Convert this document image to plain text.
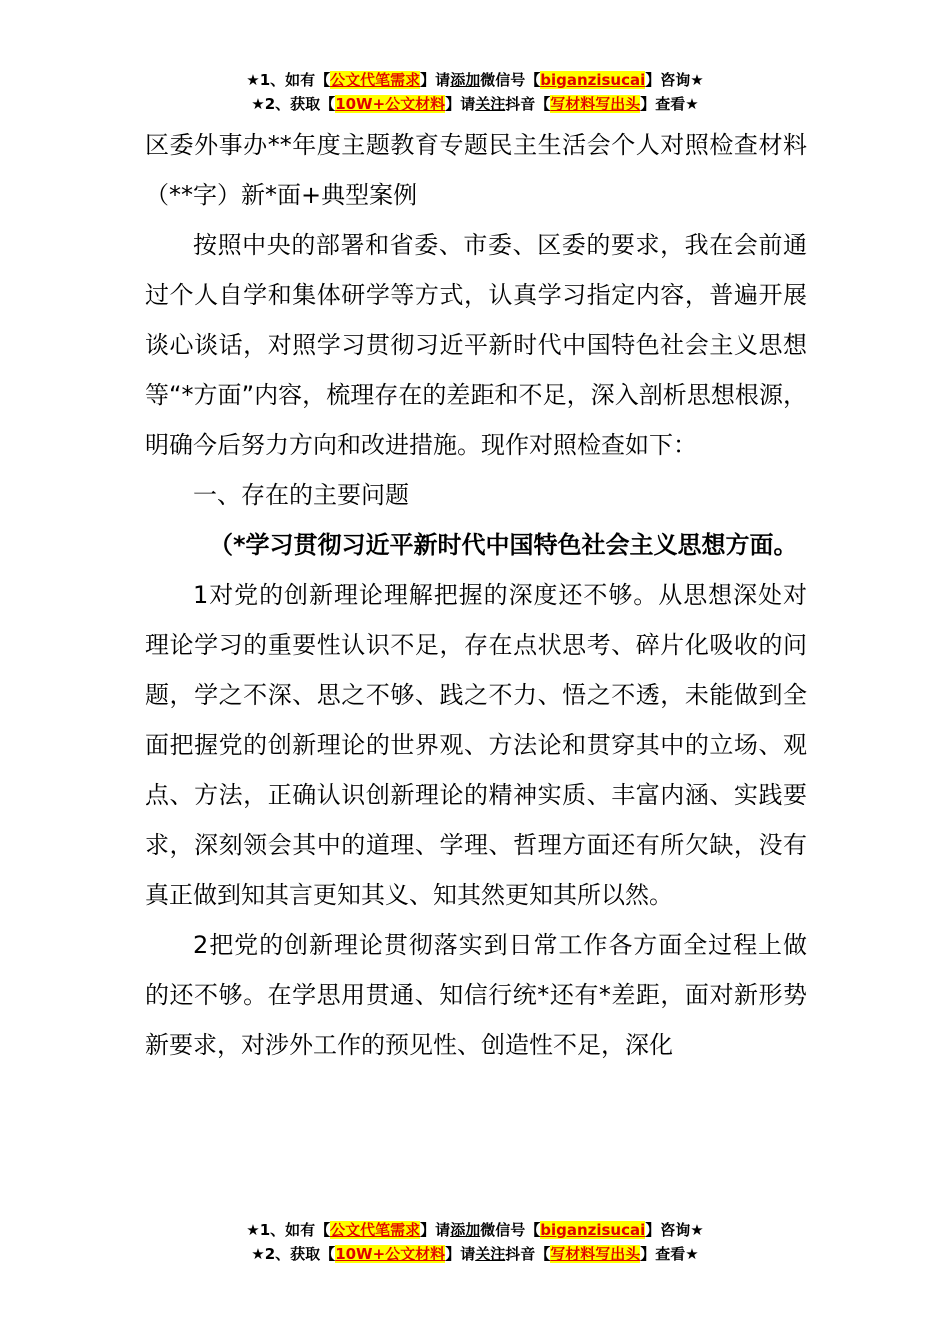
★1、如有【公文代笔需求】请添加微信号【biganzisucai】咨询★
★2、获取【10W+公文材料】请关注抖音【写材料写出头】查看★

区委外事办**年度主题教育专题民主生活会个人对照检查材料（**字）新*面+典型案例

按照中央的部署和省委、市委、区委的要求，我在会前通过个人自学和集体研学等方式，认真学习指定内容，普遍开展谈心谈话，对照学习贯彻习近平新时代中国特色社会主义思想等“*方面”内容，梳理存在的差距和不足，深入剖析思想根源，明确今后努力方向和改进措施。现作对照检查如下：

一、存在的主要问题

（*学习贯彻习近平新时代中国特色社会主义思想方面。

1对党的创新理论理解把握的深度还不够。从思想深处对理论学习的重要性认识不足，存在点状思考、碎片化吸收的问题，学之不深、思之不够、践之不力、悟之不透，未能做到全面把握党的创新理论的世界观、方法论和贯穿其中的立场、观点、方法，正确认识创新理论的精神实质、丰富内涵、实践要求，深刻领会其中的道理、学理、哲理方面还有所欠缺，没有真正做到知其言更知其义、知其然更知其所以然。

2把党的创新理论贯彻落实到日常工作各方面全过程上做的还不够。在学思用贯通、知信行统*还有*差距，面对新形势新要求，对涉外工作的预见性、创造性不足，深化

★1、如有【公文代笔需求】请添加微信号【biganzisucai】咨询★
★2、获取【10W+公文材料】请关注抖音【写材料写出头】查看★
